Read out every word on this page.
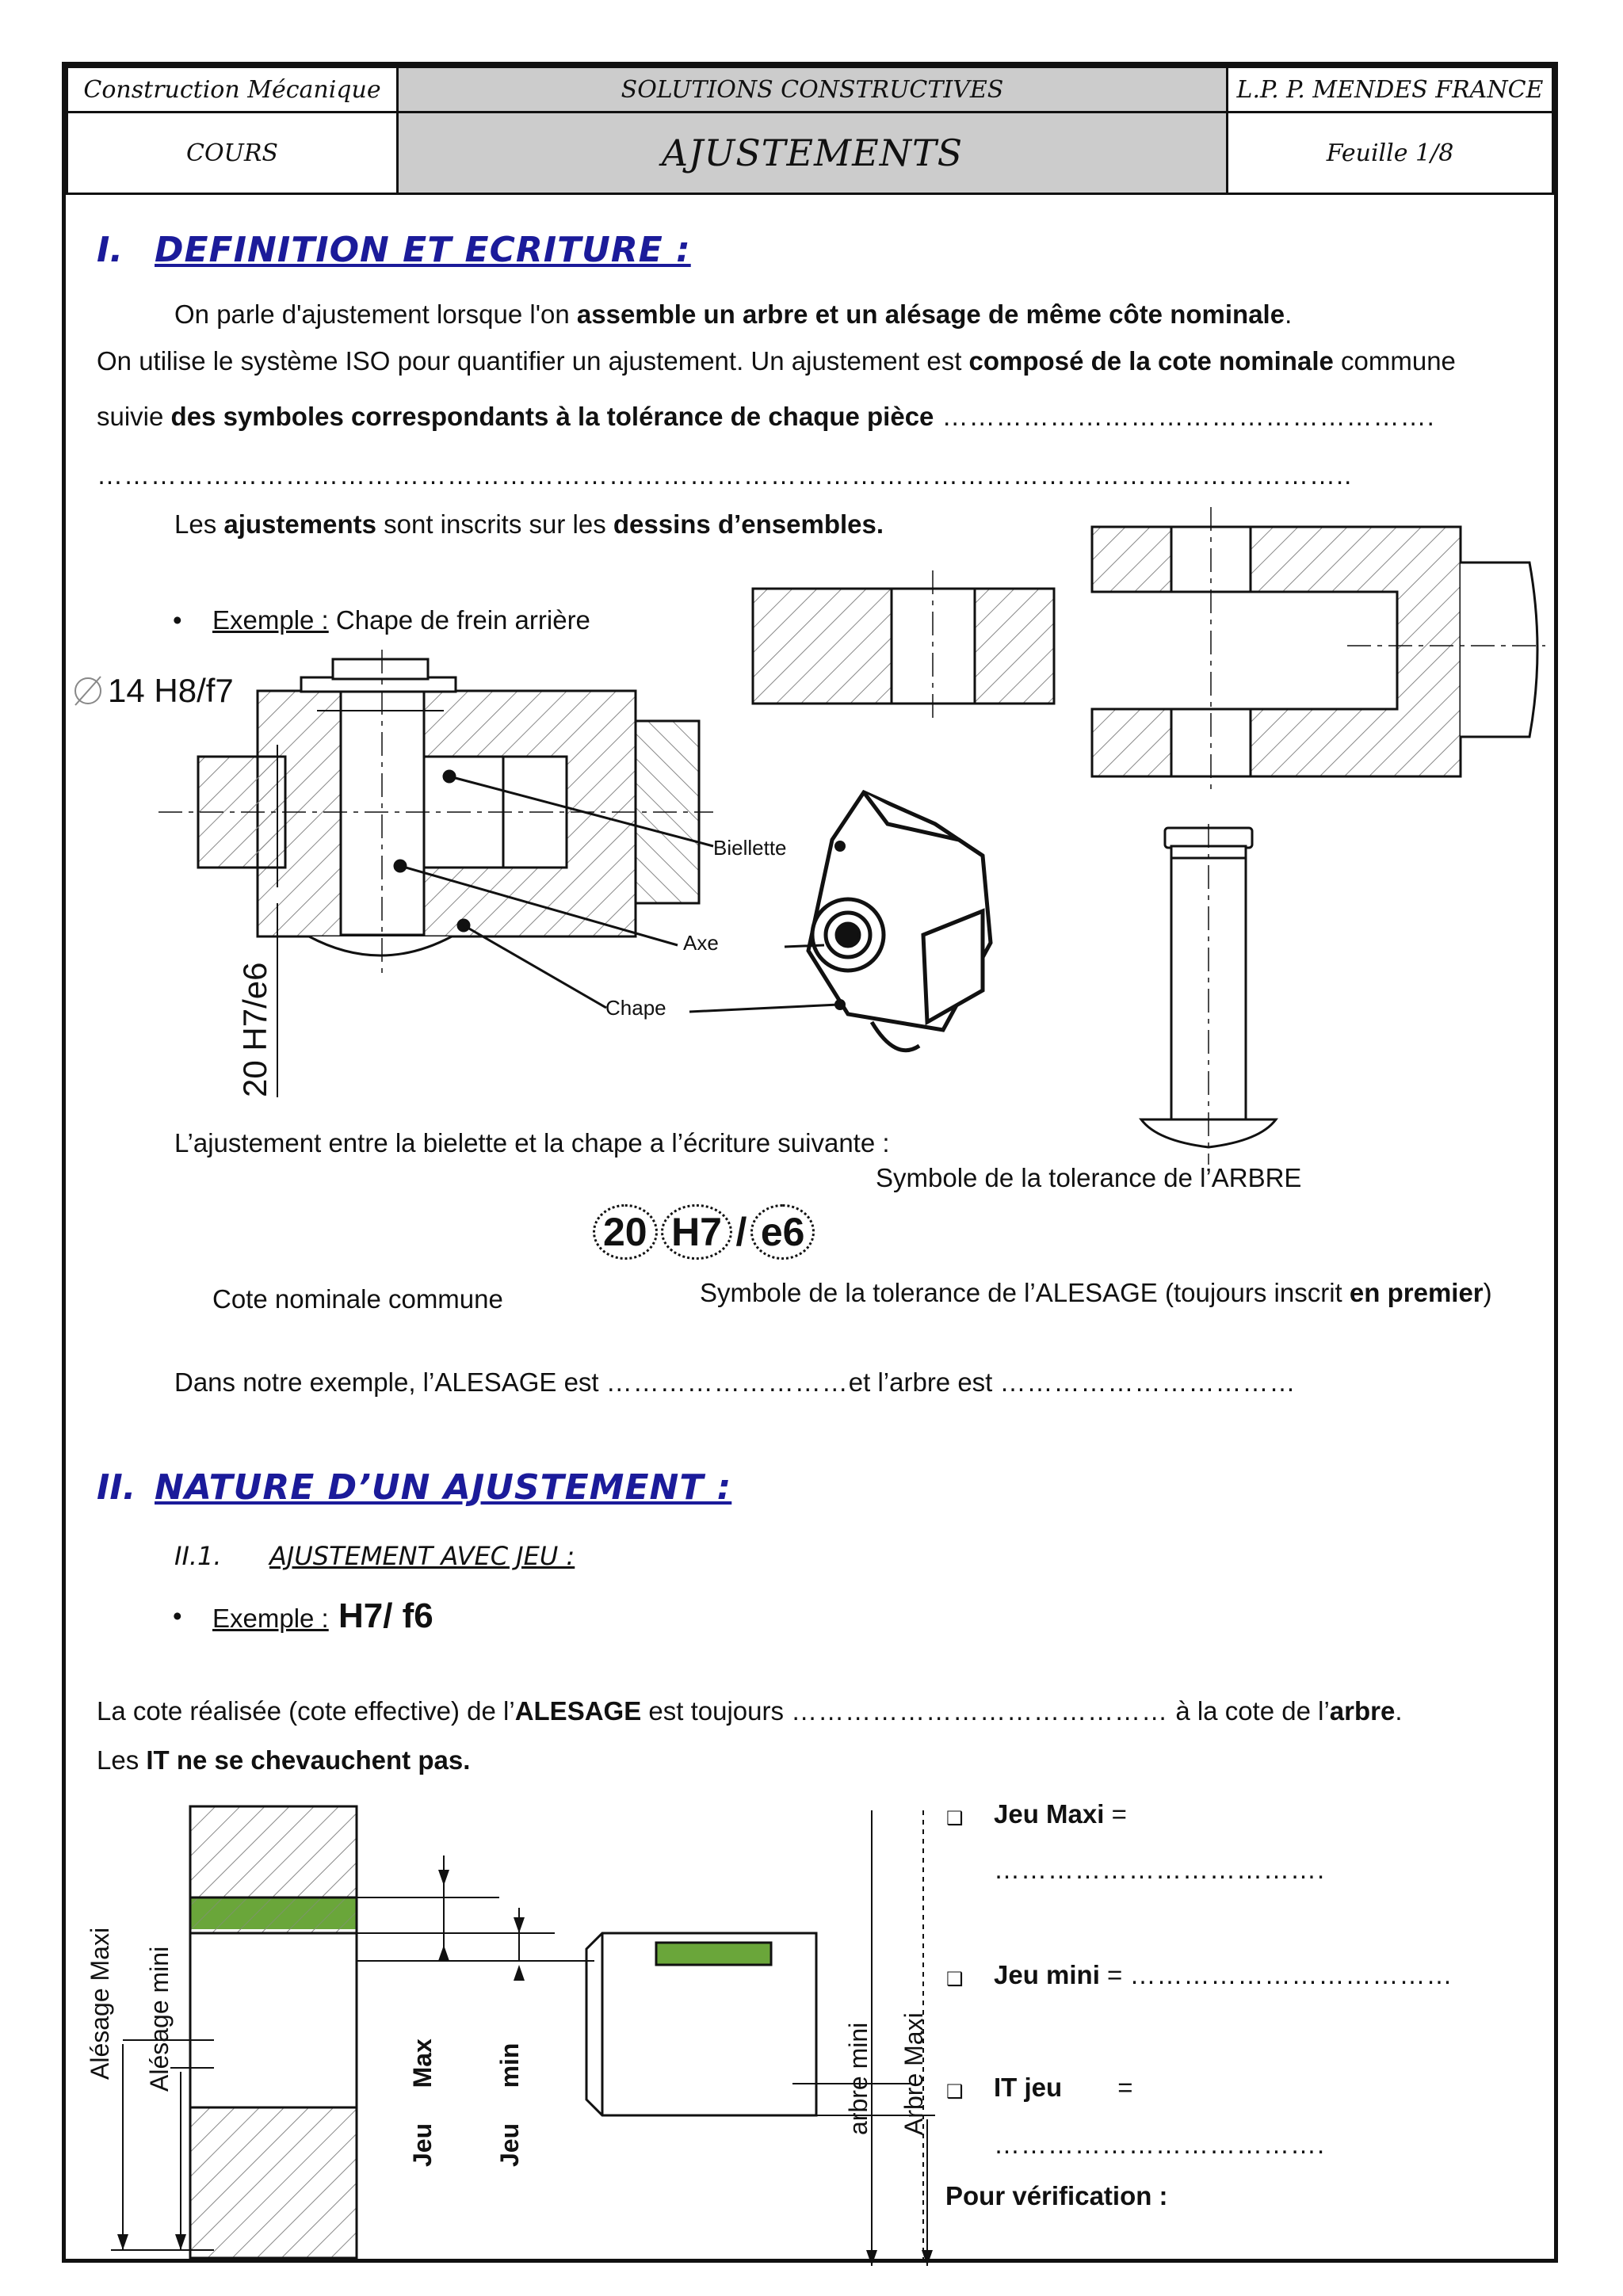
Construction Mécanique	SOLUTIONS CONSTRUCTIVES	L.P. P. MENDES FRANCE
COURS	AJUSTEMENTS	Feuille 1/8
I. DEFINITION ET ECRITURE :
On parle d'ajustement lorsque l'on assemble un arbre et un alésage de même côte nominale.
On utilise le système ISO pour quantifier un ajustement. Un ajustement est composé de la cote nominale commune
suivie des symboles correspondants à la tolérance de chaque pièce ……………………………………………….
…………………………………………………………………………………………………………………………..
Les ajustements sont inscrits sur les dessins d’ensembles.
• Exemple : Chape de frein arrière
14 H8/f7
20 H7/e6
Biellette
Axe
Chape
L’ajustement entre la bielette et la chape a l’écriture suivante :
Symbole de la tolerance de l’ARBRE
20 H7 / e6
Cote nominale commune	Symbole de la tolerance de l’ALESAGE (toujours inscrit en premier)
Dans notre exemple, l’ALESAGE est ………………………et l’arbre est ……………………………
II. NATURE D’UN AJUSTEMENT :
II.1. AJUSTEMENT AVEC JEU :
• Exemple : H7/ f6
La cote réalisée (cote effective) de l’ALESAGE est toujours …………………………………… à la cote de l’arbre.
Les IT ne se chevauchent pas.
Alésage Maxi Alésage mini
Jeu     Max
Jeu     min	arbre mini Arbre Maxi
❑ Jeu Maxi =
……………………………….
❑ Jeu mini = ………………………………
❑ IT jeu =
……………………………….
Pour vérification :
